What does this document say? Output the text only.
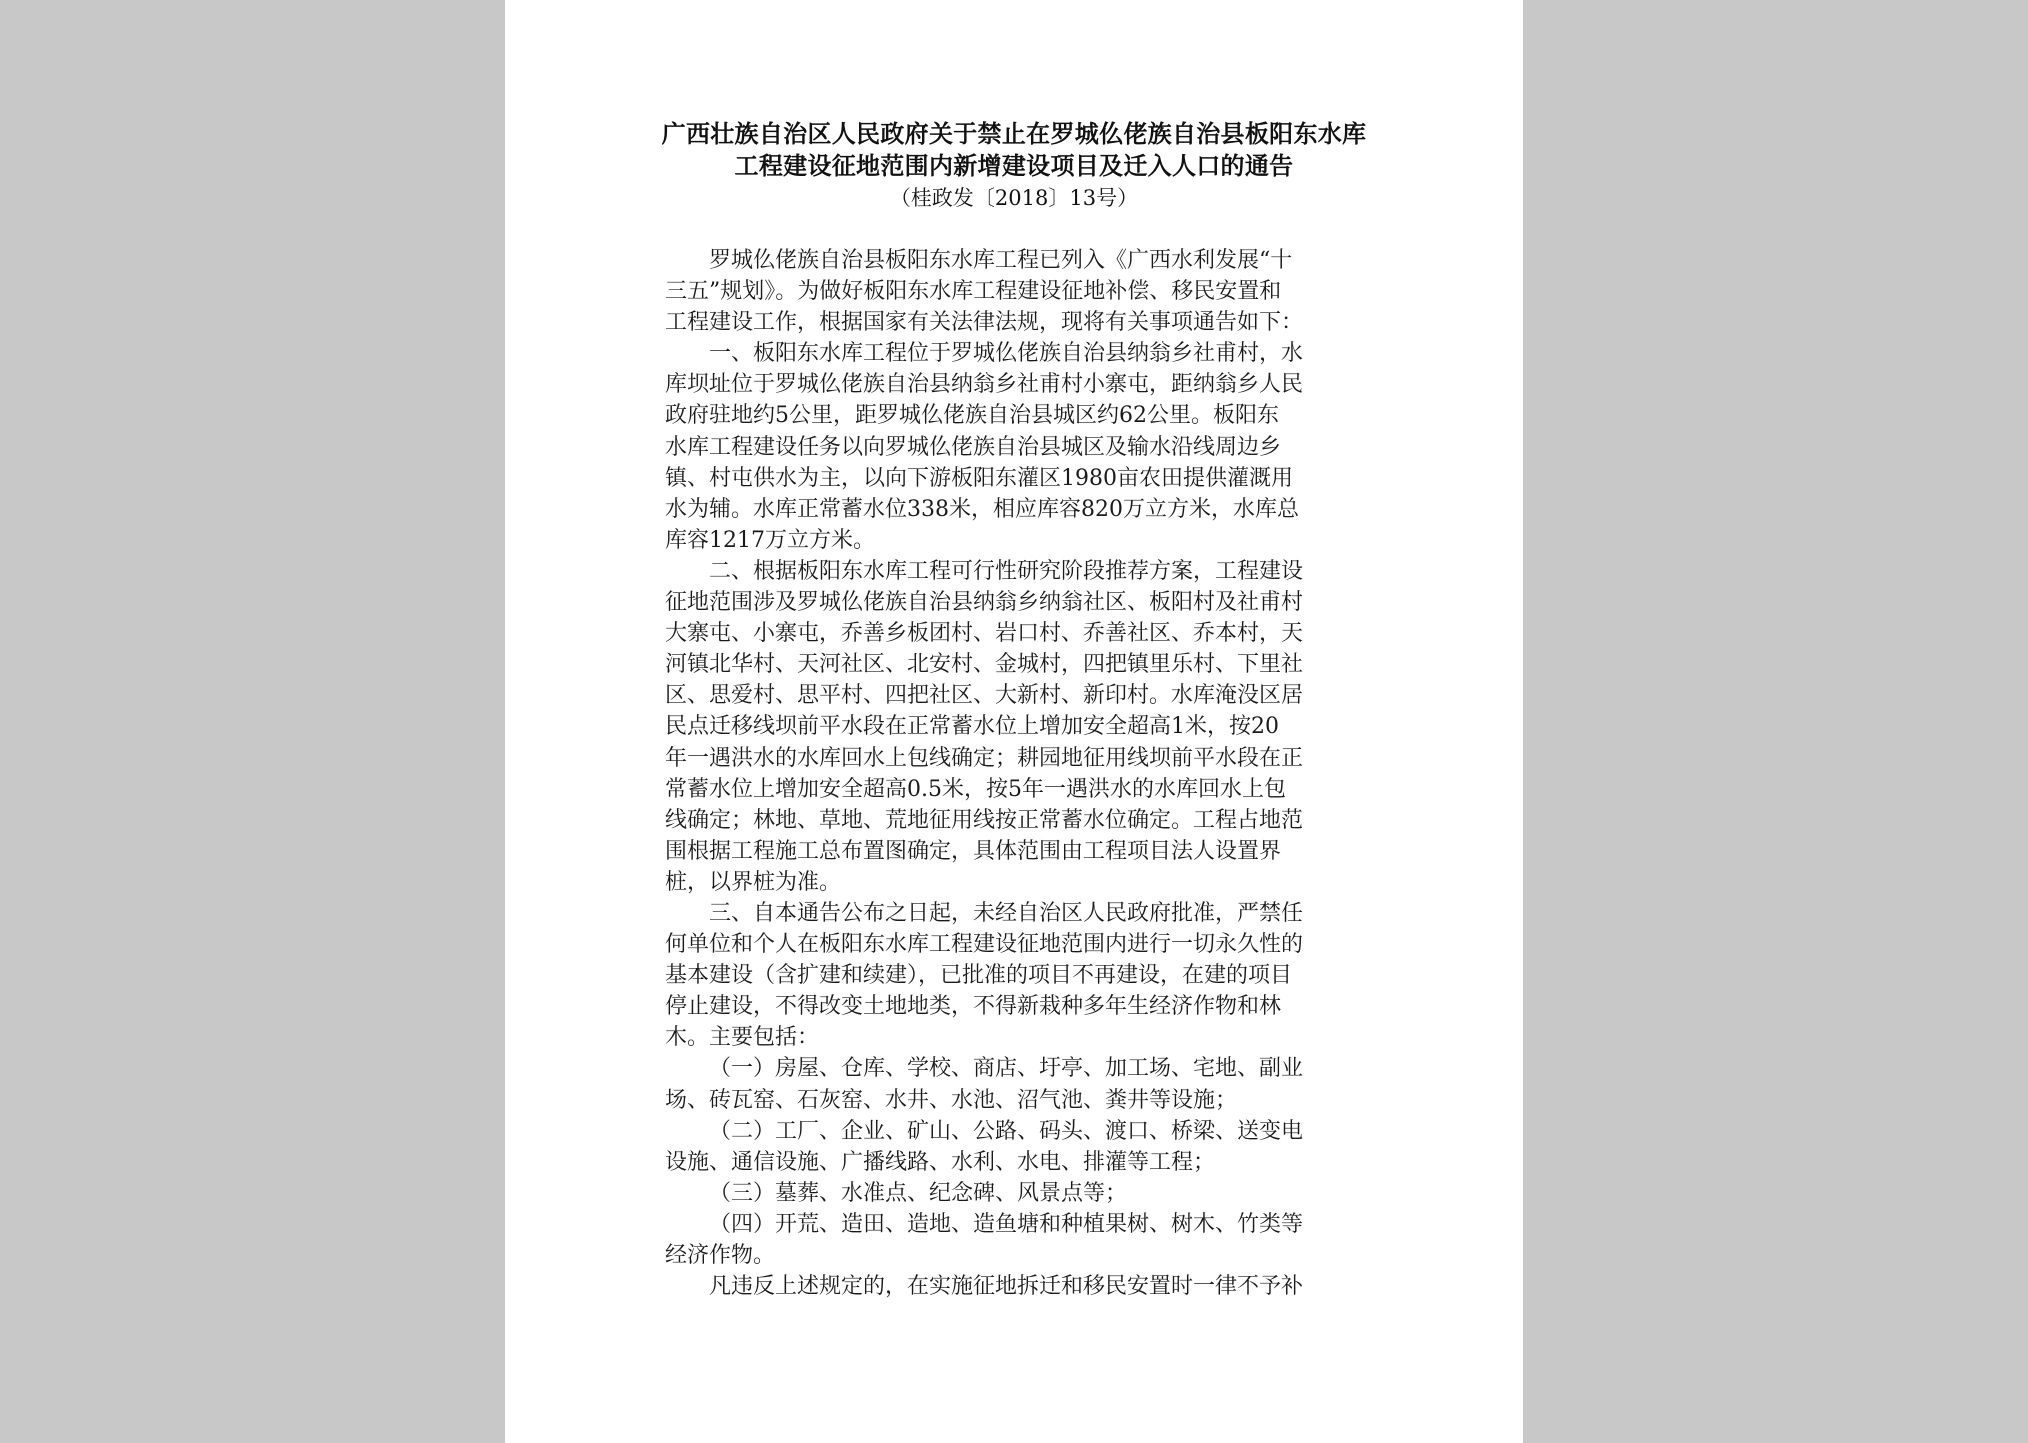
广西壮族自治区人民政府关于禁止在罗城仫佬族自治县板阳东水库
工程建设征地范围内新增建设项目及迁入人口的通告
（桂政发〔2018〕13号）

罗城仫佬族自治县板阳东水库工程已列入《广西水利发展“十

三五”规划》。为做好板阳东水库工程建设征地补偿、移民安置和

工程建设工作，根据国家有关法律法规，现将有关事项通告如下：

一、板阳东水库工程位于罗城仫佬族自治县纳翁乡社甫村，水

库坝址位于罗城仫佬族自治县纳翁乡社甫村小寨屯，距纳翁乡人民

政府驻地约5公里，距罗城仫佬族自治县城区约62公里。板阳东

水库工程建设任务以向罗城仫佬族自治县城区及输水沿线周边乡

镇、村屯供水为主，以向下游板阳东灌区1980亩农田提供灌溉用

水为辅。水库正常蓄水位338米，相应库容820万立方米，水库总

库容1217万立方米。

二、根据板阳东水库工程可行性研究阶段推荐方案，工程建设

征地范围涉及罗城仫佬族自治县纳翁乡纳翁社区、板阳村及社甫村

大寨屯、小寨屯，乔善乡板团村、岩口村、乔善社区、乔本村，天

河镇北华村、天河社区、北安村、金城村，四把镇里乐村、下里社

区、思爱村、思平村、四把社区、大新村、新印村。水库淹没区居

民点迁移线坝前平水段在正常蓄水位上增加安全超高1米，按20

年一遇洪水的水库回水上包线确定；耕园地征用线坝前平水段在正

常蓄水位上增加安全超高0.5米，按5年一遇洪水的水库回水上包

线确定；林地、草地、荒地征用线按正常蓄水位确定。工程占地范

围根据工程施工总布置图确定，具体范围由工程项目法人设置界

桩，以界桩为准。

三、自本通告公布之日起，未经自治区人民政府批准，严禁任

何单位和个人在板阳东水库工程建设征地范围内进行一切永久性的

基本建设（含扩建和续建），已批准的项目不再建设，在建的项目

停止建设，不得改变土地地类，不得新栽种多年生经济作物和林

木。主要包括：

（一）房屋、仓库、学校、商店、圩亭、加工场、宅地、副业

场、砖瓦窑、石灰窑、水井、水池、沼气池、粪井等设施；

（二）工厂、企业、矿山、公路、码头、渡口、桥梁、送变电

设施、通信设施、广播线路、水利、水电、排灌等工程；

（三）墓葬、水准点、纪念碑、风景点等；

（四）开荒、造田、造地、造鱼塘和种植果树、树木、竹类等

经济作物。

凡违反上述规定的，在实施征地拆迁和移民安置时一律不予补
